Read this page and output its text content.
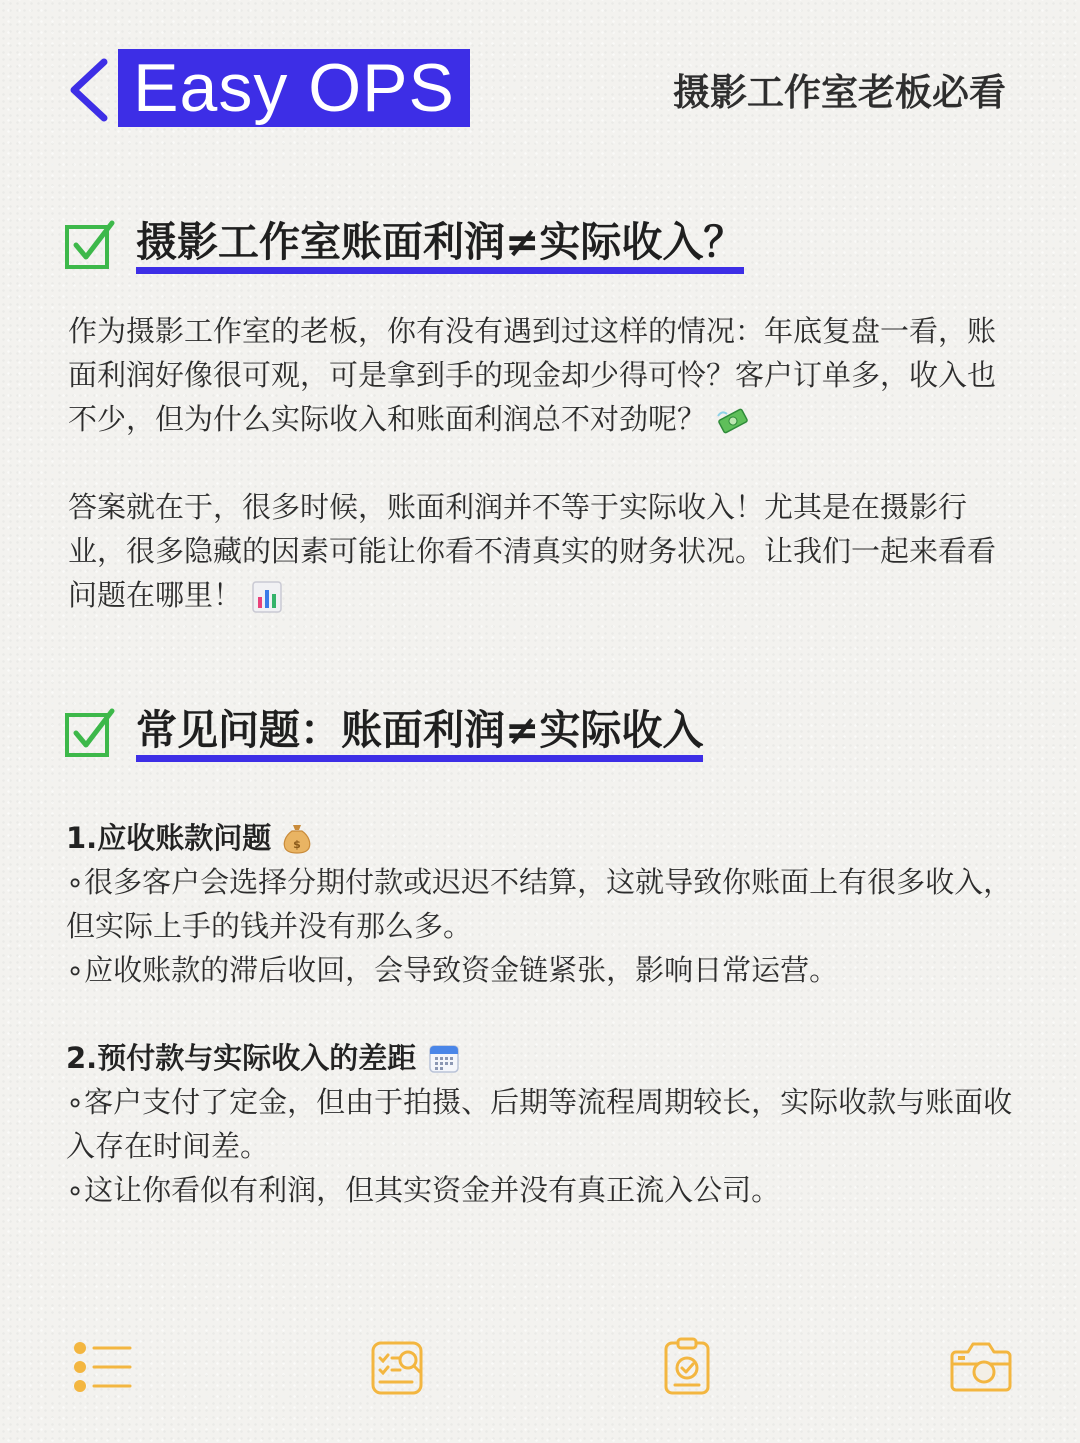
Easy OPS	摄影工作室老板必看
摄影工作室账面利润≠实际收入？

作为摄影工作室的老板，你有没有遇到过这样的情况：年底复盘一看，账面利润好像很可观，可是拿到手的现金却少得可怜？客户订单多，收入也不少，但为什么实际收入和账面利润总不对劲呢？

答案就在于，很多时候，账面利润并不等于实际收入！尤其是在摄影行业，很多隐藏的因素可能让你看不清真实的财务状况。让我们一起来看看问题在哪里！

常见问题：账面利润≠实际收入
1.应收账款问题 $

∘很多客户会选择分期付款或迟迟不结算，这就导致你账面上有很多收入，但实际上手的钱并没有那么多。

∘应收账款的滞后收回，会导致资金链紧张，影响日常运营。

2.预付款与实际收入的差距

∘客户支付了定金，但由于拍摄、后期等流程周期较长，实际收款与账面收入存在时间差。

∘这让你看似有利润，但其实资金并没有真正流入公司。
